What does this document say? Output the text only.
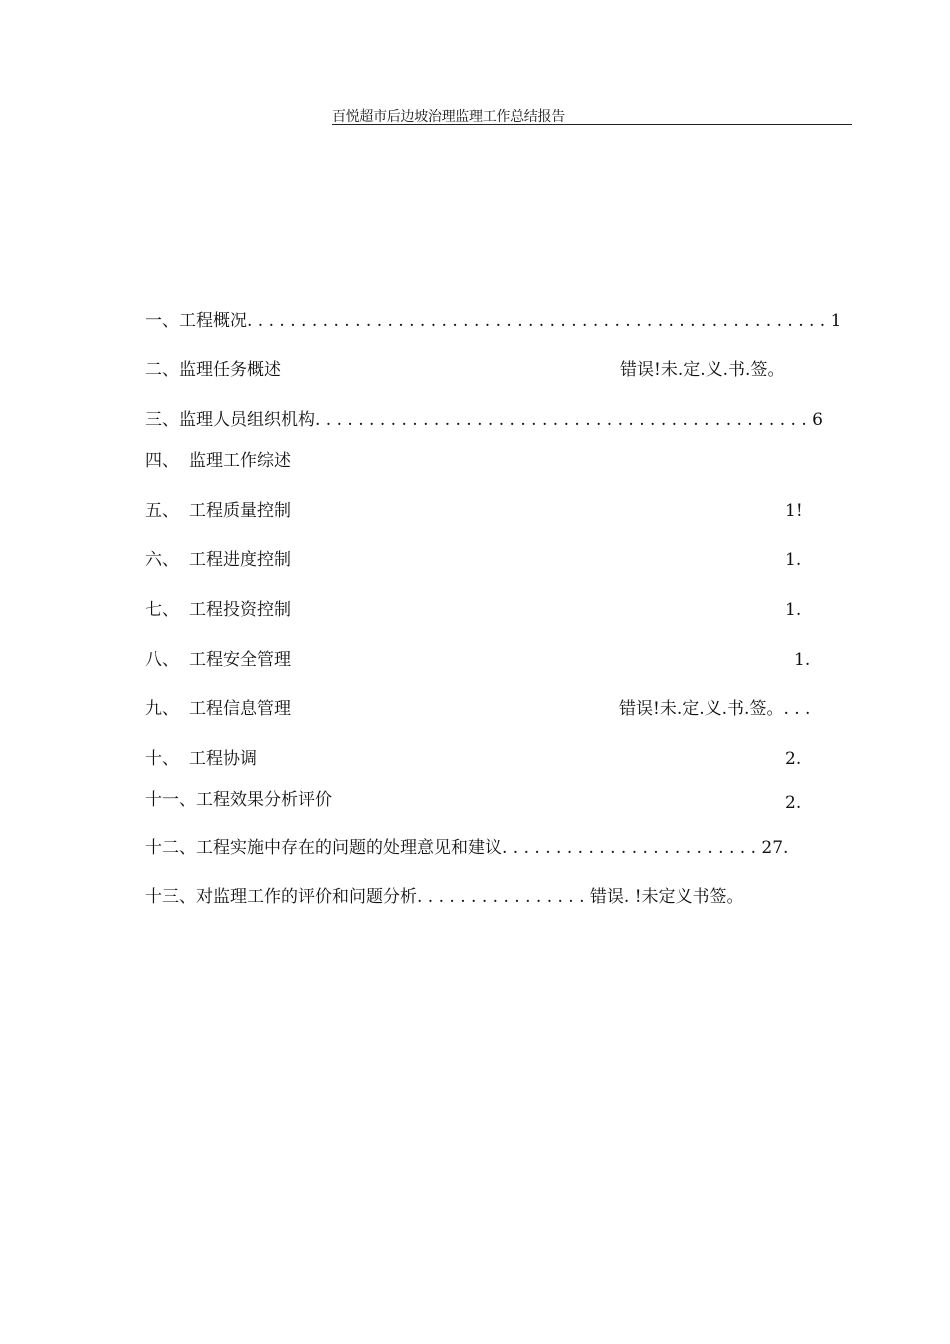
百悦超市后边坡治理监理工作总结报告
一、工程概况. . . . . . . . . . . . . . . . . . . . . . . . . . . . . . . . . . . . . . . . . . . . . . . . . . . . . . 1
二、监理任务概述	错误!未.定.义.书.签。
三、监理人员组织机构. . . . . . . . . . . . . . . . . . . . . . . . . . . . . . . . . . . . . . . . . . . . . . 6
四、 监理工作综述
五、 工程质量控制	1!
六、 工程进度控制	1.
七、 工程投资控制	1.
八、 工程安全管理	1.
九、 工程信息管理	错误!未.定.义.书.签。. . .
十、 工程协调	2.
十一、工程效果分析评价	2.
十二、工程实施中存在的问题的处理意见和建议. . . . . . . . . . . . . . . . . . . . . . . . 27.
十三、对监理工作的评价和问题分析. . . . . . . . . . . . . . . . 错误. !未定义书签。
